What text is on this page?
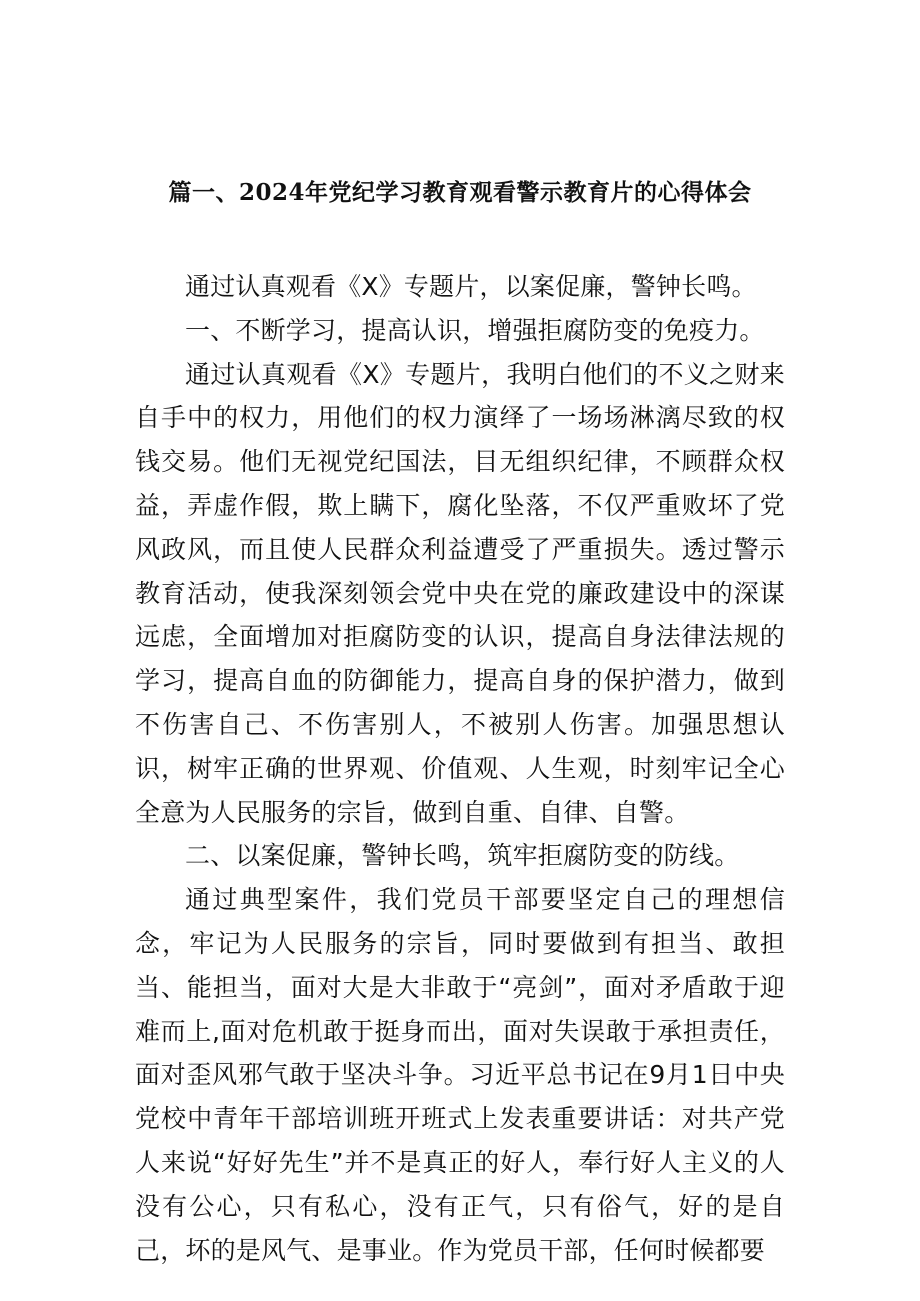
篇一、2024年党纪学习教育观看警示教育片的心得体会

通过认真观看《X》专题片，以案促廉，警钟长鸣。

一、不断学习，提高认识，增强拒腐防变的免疫力。

通过认真观看《X》专题片，我明白他们的不义之财来自手中的权力，用他们的权力演绎了一场场淋漓尽致的权钱交易。他们无视党纪国法，目无组织纪律，不顾群众权益，弄虚作假，欺上瞒下，腐化坠落，不仅严重败坏了党风政风，而且使人民群众利益遭受了严重损失。透过警示教育活动，使我深刻领会党中央在党的廉政建设中的深谋远虑，全面增加对拒腐防变的认识，提高自身法律法规的学习，提高自血的防御能力，提高自身的保护潜力，做到不伤害自己、不伤害别人，不被别人伤害。加强思想认识，树牢正确的世界观、价值观、人生观，时刻牢记全心全意为人民服务的宗旨，做到自重、自律、自警。

二、以案促廉，警钟长鸣，筑牢拒腐防变的防线。

通过典型案件，我们党员干部要坚定自己的理想信念，牢记为人民服务的宗旨，同时要做到有担当、敢担当、能担当，面对大是大非敢于“亮剑”，面对矛盾敢于迎难而上,面对危机敢于挺身而出，面对失误敢于承担责任，面对歪风邪气敢于坚决斗争。习近平总书记在9月1日中央党校中青年干部培训班开班式上发表重要讲话：对共产党人来说“好好先生”并不是真正的好人，奉行好人主义的人没有公心，只有私心，没有正气，只有俗气，好的是自己，坏的是风气、是事业。作为党员干部，任何时候都要
